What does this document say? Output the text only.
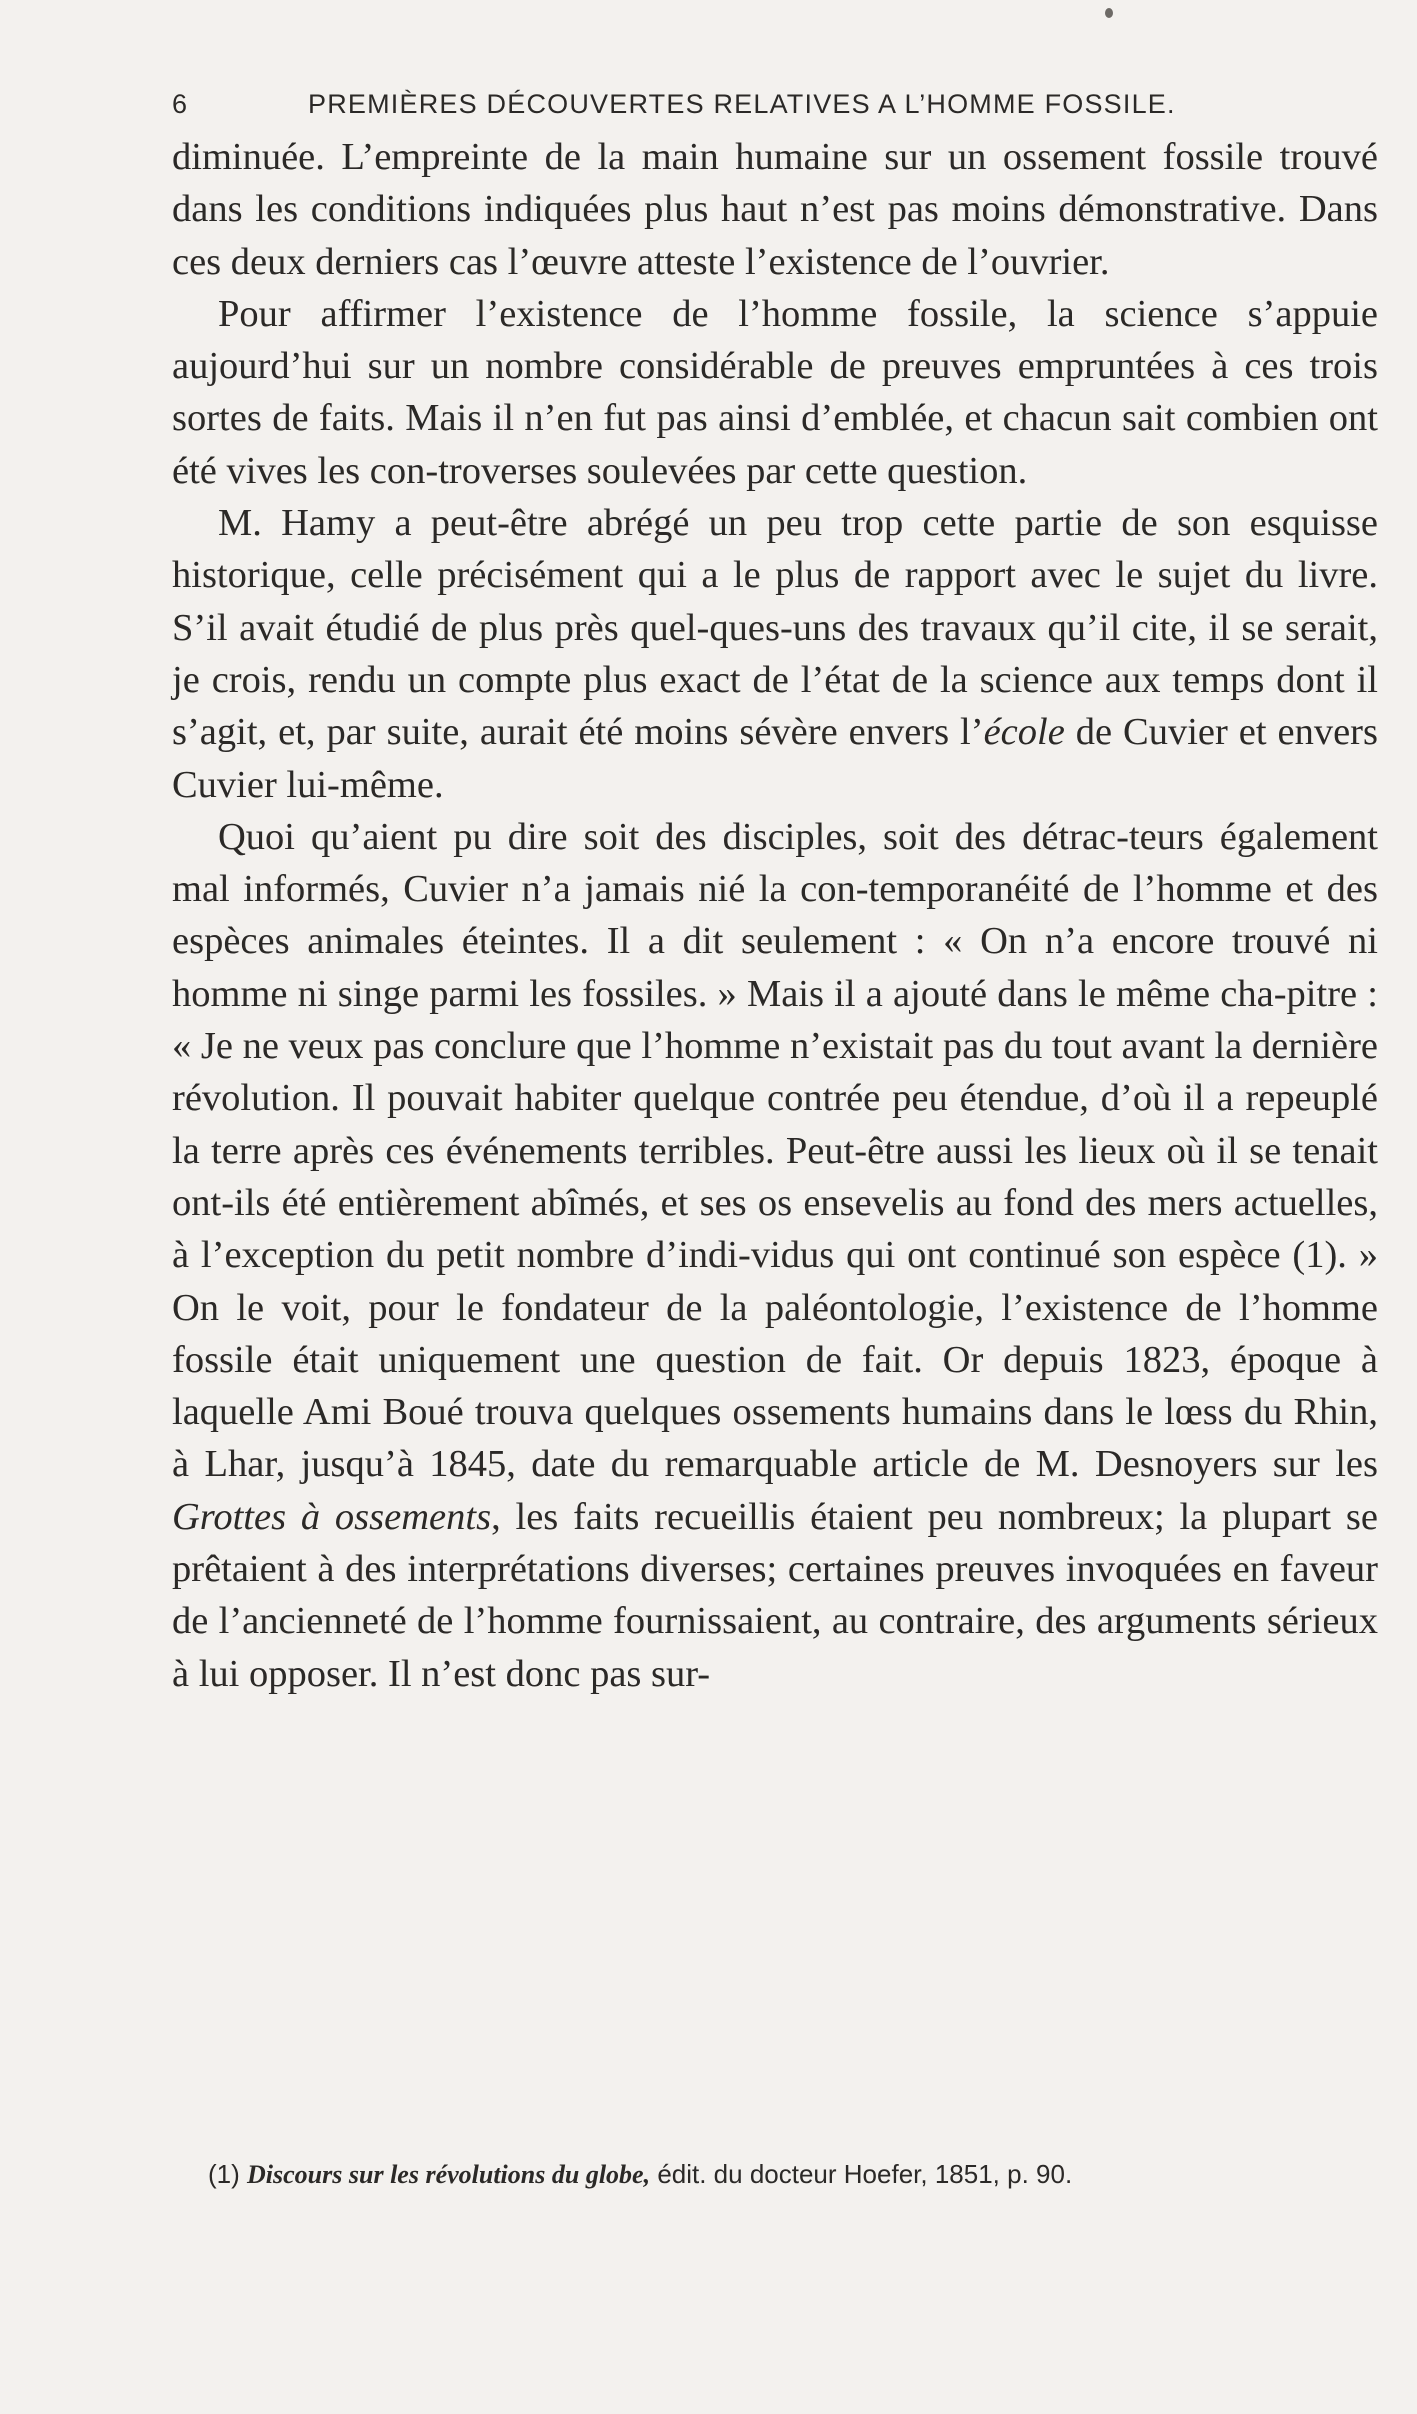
6	PREMIÈRES DÉCOUVERTES RELATIVES A L’HOMME FOSSILE.

diminuée. L’empreinte de la main humaine sur un ossement fossile trouvé dans les conditions indiquées plus haut n’est pas moins démonstrative. Dans ces deux derniers cas l’œuvre atteste l’existence de l’ouvrier.

Pour affirmer l’existence de l’homme fossile, la science s’appuie aujourd’hui sur un nombre considérable de preuves empruntées à ces trois sortes de faits. Mais il n’en fut pas ainsi d’emblée, et chacun sait combien ont été vives les con-troverses soulevées par cette question.

M. Hamy a peut-être abrégé un peu trop cette partie de son esquisse historique, celle précisément qui a le plus de rapport avec le sujet du livre. S’il avait étudié de plus près quel-ques-uns des travaux qu’il cite, il se serait, je crois, rendu un compte plus exact de l’état de la science aux temps dont il s’agit, et, par suite, aurait été moins sévère envers l’école de Cuvier et envers Cuvier lui-même.

Quoi qu’aient pu dire soit des disciples, soit des détrac-teurs également mal informés, Cuvier n’a jamais nié la con-temporanéité de l’homme et des espèces animales éteintes. Il a dit seulement : « On n’a encore trouvé ni homme ni singe parmi les fossiles. » Mais il a ajouté dans le même cha-pitre : « Je ne veux pas conclure que l’homme n’existait pas du tout avant la dernière révolution. Il pouvait habiter quelque contrée peu étendue, d’où il a repeuplé la terre après ces événements terribles. Peut-être aussi les lieux où il se tenait ont-ils été entièrement abîmés, et ses os ensevelis au fond des mers actuelles, à l’exception du petit nombre d’indi-vidus qui ont continué son espèce (1). » On le voit, pour le fondateur de la paléontologie, l’existence de l’homme fossile était uniquement une question de fait. Or depuis 1823, époque à laquelle Ami Boué trouva quelques ossements humains dans le lœss du Rhin, à Lhar, jusqu’à 1845, date du remarquable article de M. Desnoyers sur les Grottes à ossements, les faits recueillis étaient peu nombreux; la plupart se prêtaient à des interprétations diverses; certaines preuves invoquées en faveur de l’ancienneté de l’homme fournissaient, au contraire, des arguments sérieux à lui opposer. Il n’est donc pas sur-

(1) Discours sur les révolutions du globe, édit. du docteur Hoefer, 1851, p. 90.
